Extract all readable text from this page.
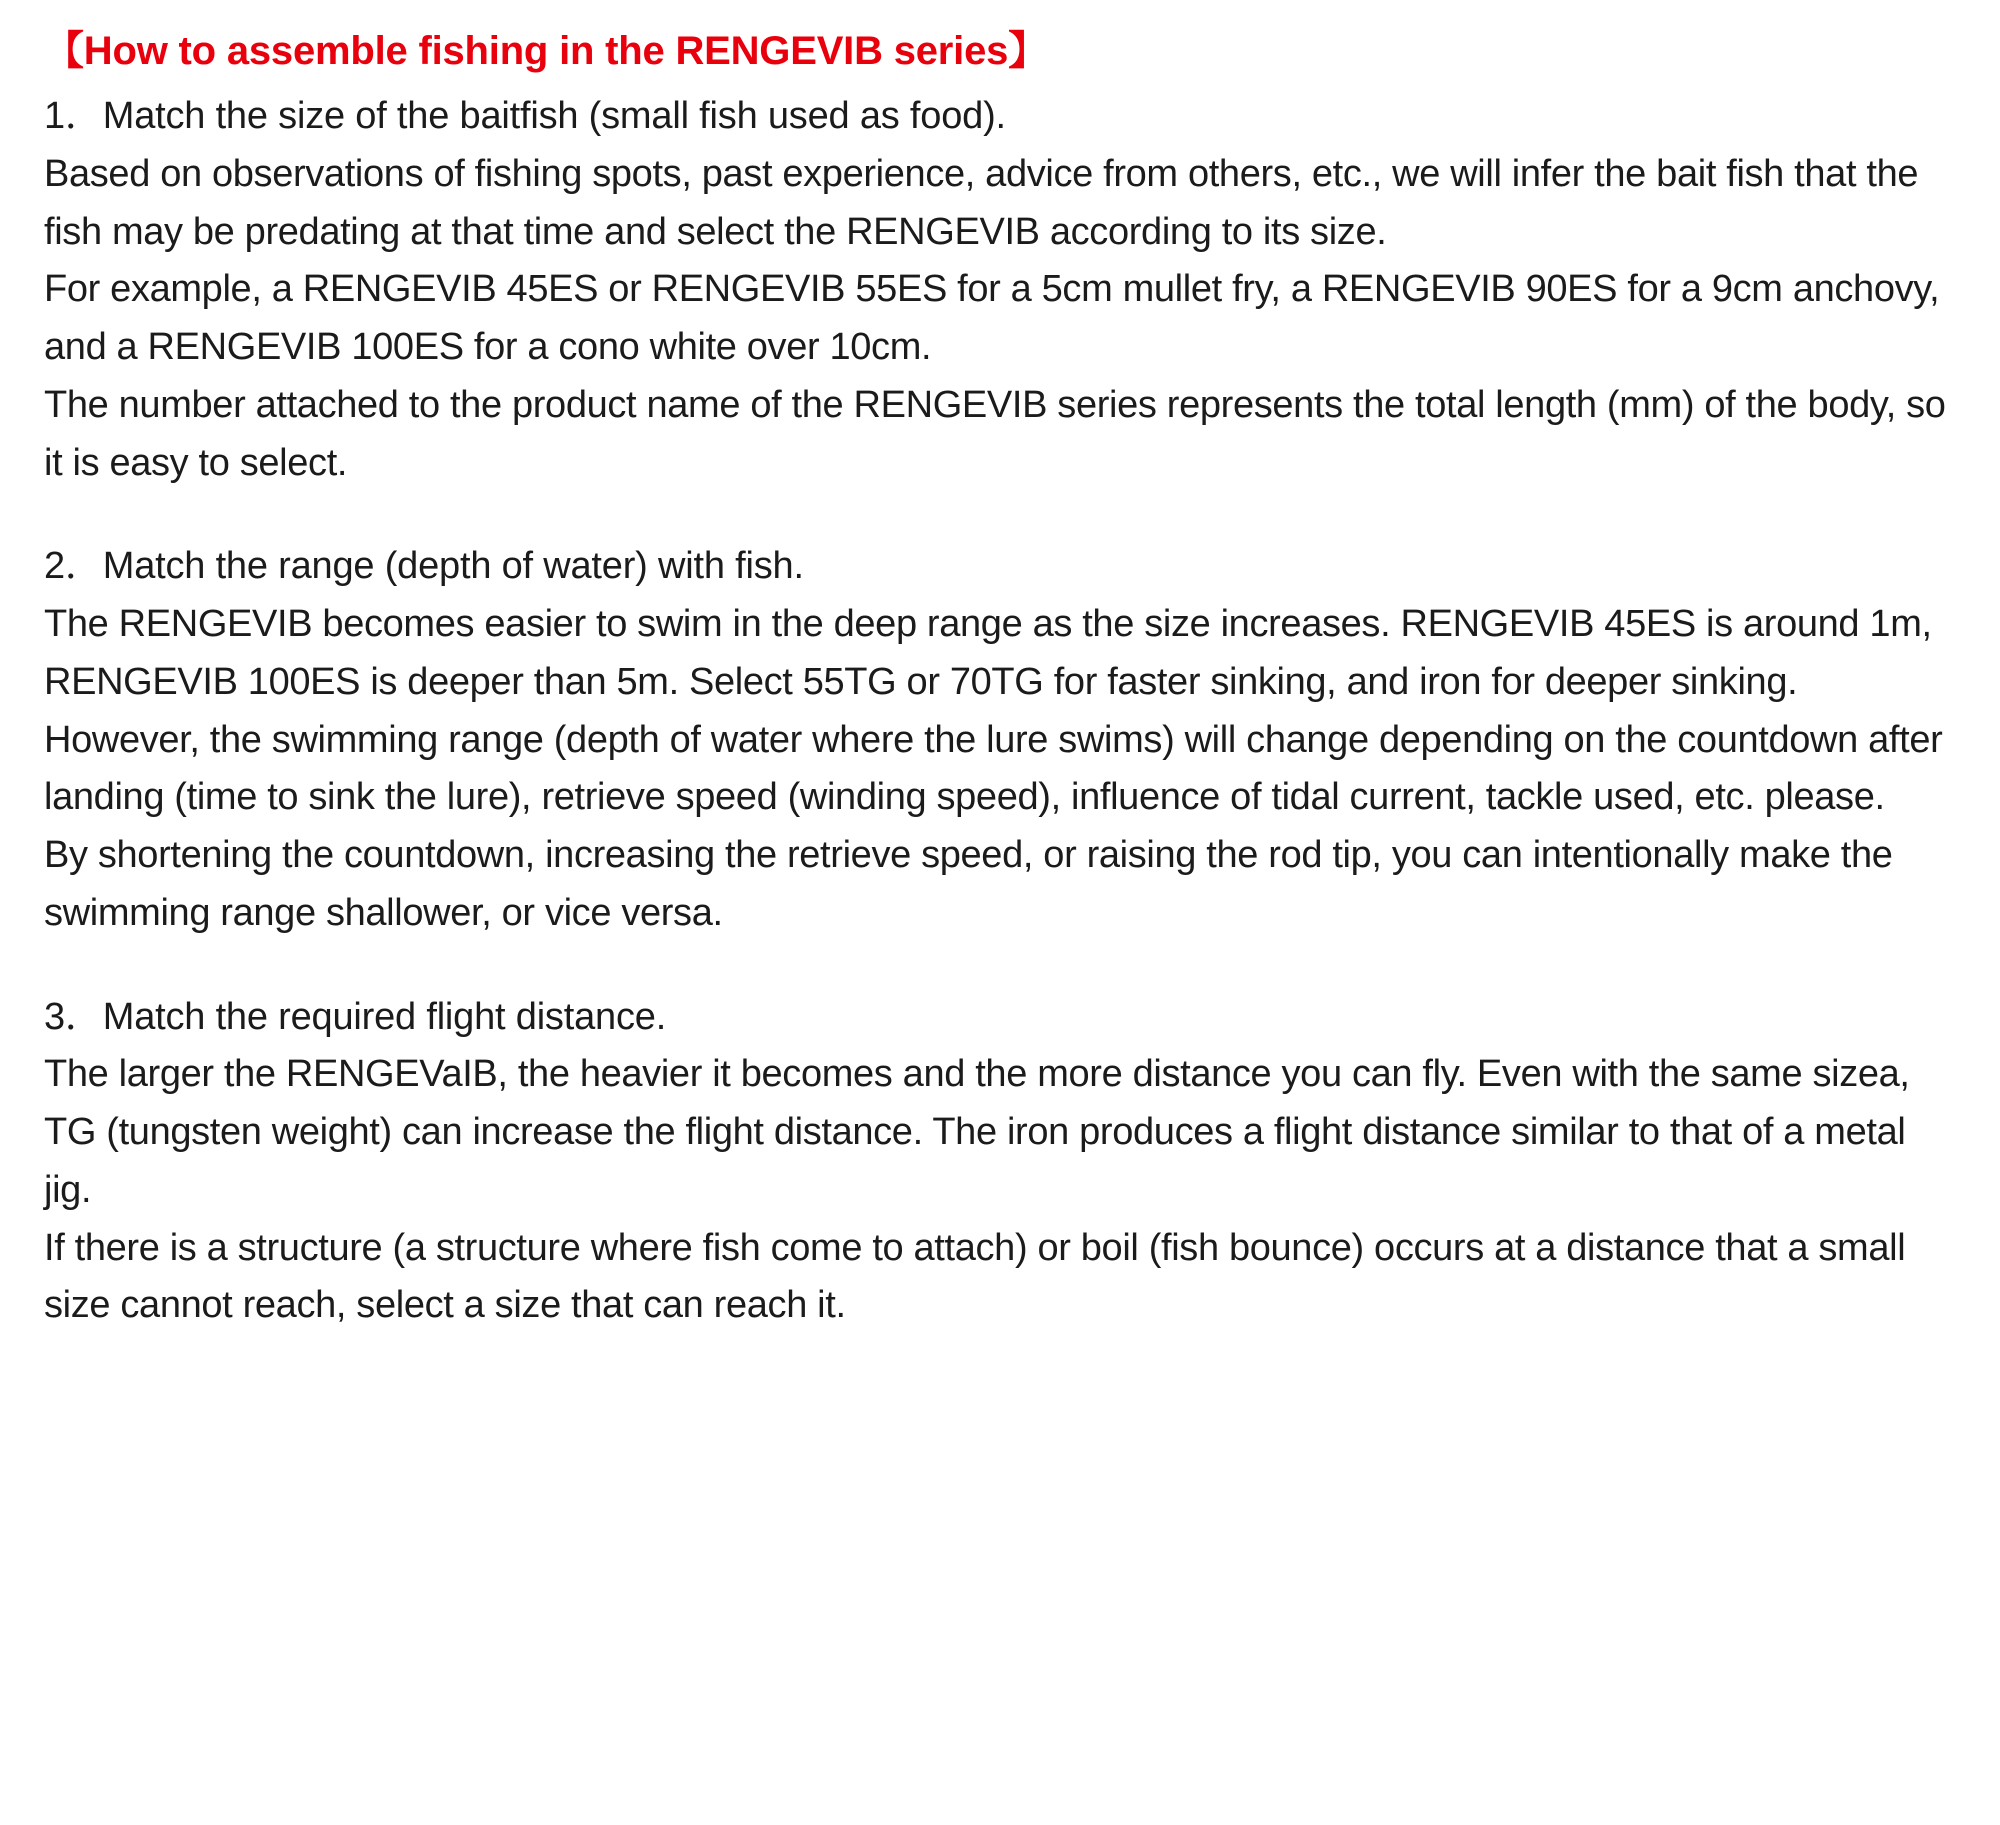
【How to assemble fishing in the RENGEVIB series】

1．Match the size of the baitfish (small fish used as food).

Based on observations of fishing spots, past experience, advice from others, etc., we will infer the bait fish that the fish may be predating at that time and select the RENGEVIB according to its size.

For example, a RENGEVIB 45ES or RENGEVIB 55ES for a 5cm mullet fry, a RENGEVIB 90ES for a 9cm anchovy, and a RENGEVIB 100ES for a cono white over 10cm.

The number attached to the product name of the RENGEVIB series represents the total length (mm) of the body, so it is easy to select.

2．Match the range (depth of water) with fish.

The RENGEVIB becomes easier to swim in the deep range as the size increases. RENGEVIB 45ES is around 1m, RENGEVIB 100ES is deeper than 5m. Select 55TG or 70TG for faster sinking, and iron for deeper sinking. However, the swimming range (depth of water where the lure swims) will change depending on the countdown after landing (time to sink the lure), retrieve speed (winding speed), influence of tidal current, tackle used, etc. please.

By shortening the countdown, increasing the retrieve speed, or raising the rod tip, you can intentionally make the swimming range shallower, or vice versa.

3．Match the required flight distance.

The larger the RENGEVaIB, the heavier it becomes and the more distance you can fly. Even with the same sizea, TG (tungsten weight) can increase the flight distance. The iron produces a flight distance similar to that of a metal jig.

If there is a structure (a structure where fish come to attach) or boil (fish bounce) occurs at a distance that a small size cannot reach, select a size that can reach it.
